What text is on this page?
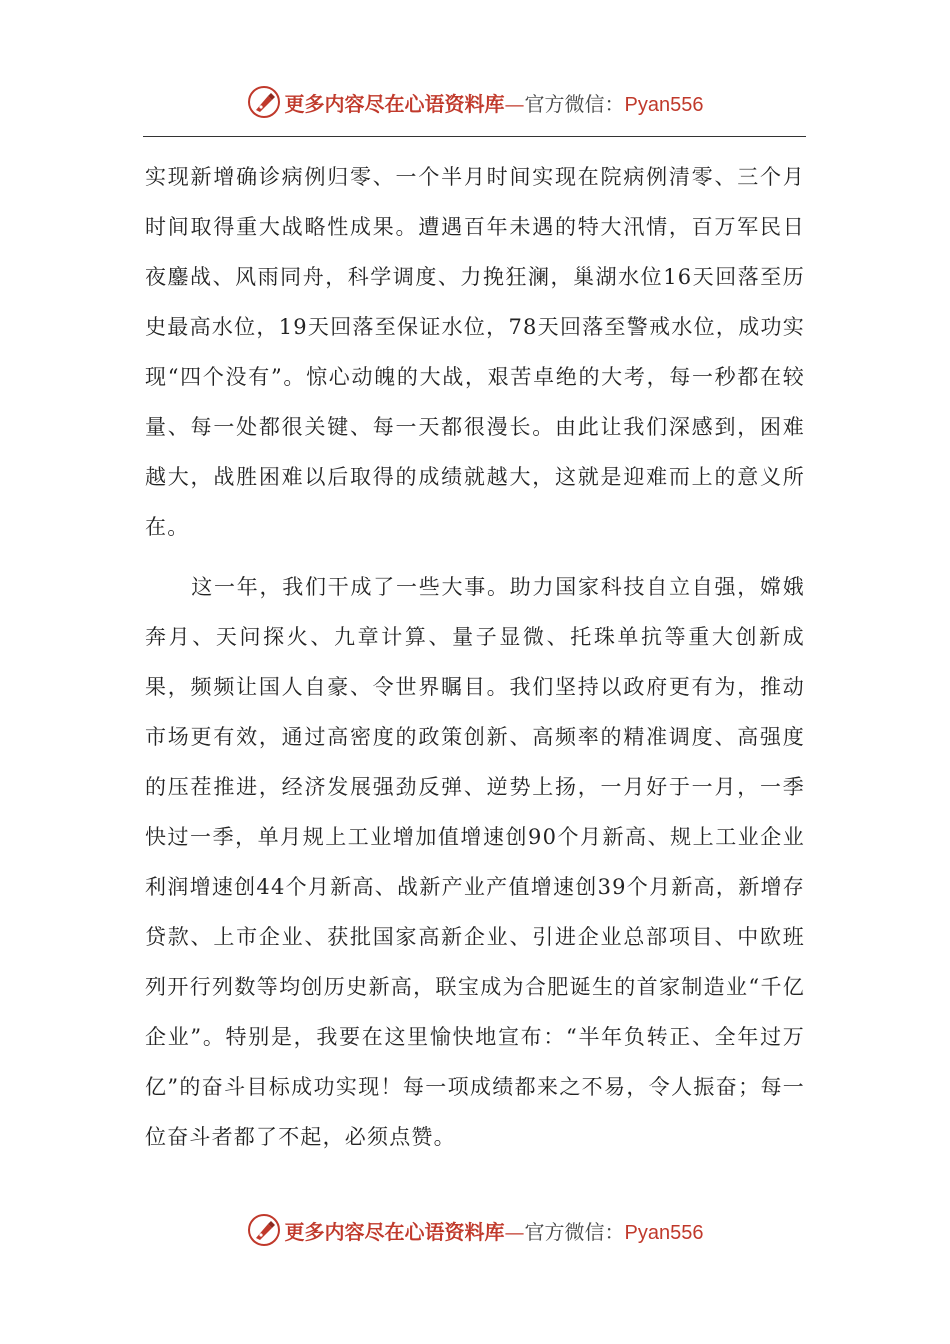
更多内容尽在心语资料库—官方微信：Pyan556

实现新增确诊病例归零、一个半月时间实现在院病例清零、三个月时间取得重大战略性成果。遭遇百年未遇的特大汛情，百万军民日夜鏖战、风雨同舟，科学调度、力挽狂澜，巢湖水位16天回落至历史最高水位，19天回落至保证水位，78天回落至警戒水位，成功实现“四个没有”。惊心动魄的大战，艰苦卓绝的大考，每一秒都在较量、每一处都很关键、每一天都很漫长。由此让我们深感到，困难越大，战胜困难以后取得的成绩就越大，这就是迎难而上的意义所在。

这一年，我们干成了一些大事。助力国家科技自立自强，嫦娥奔月、天问探火、九章计算、量子显微、托珠单抗等重大创新成果，频频让国人自豪、令世界瞩目。我们坚持以政府更有为，推动市场更有效，通过高密度的政策创新、高频率的精准调度、高强度的压茬推进，经济发展强劲反弹、逆势上扬，一月好于一月，一季快过一季，单月规上工业增加值增速创90个月新高、规上工业企业利润增速创44个月新高、战新产业产值增速创39个月新高，新增存贷款、上市企业、获批国家高新企业、引进企业总部项目、中欧班列开行列数等均创历史新高，联宝成为合肥诞生的首家制造业“千亿企业”。特别是，我要在这里愉快地宣布：“半年负转正、全年过万亿”的奋斗目标成功实现！每一项成绩都来之不易，令人振奋；每一位奋斗者都了不起，必须点赞。

更多内容尽在心语资料库—官方微信：Pyan556
